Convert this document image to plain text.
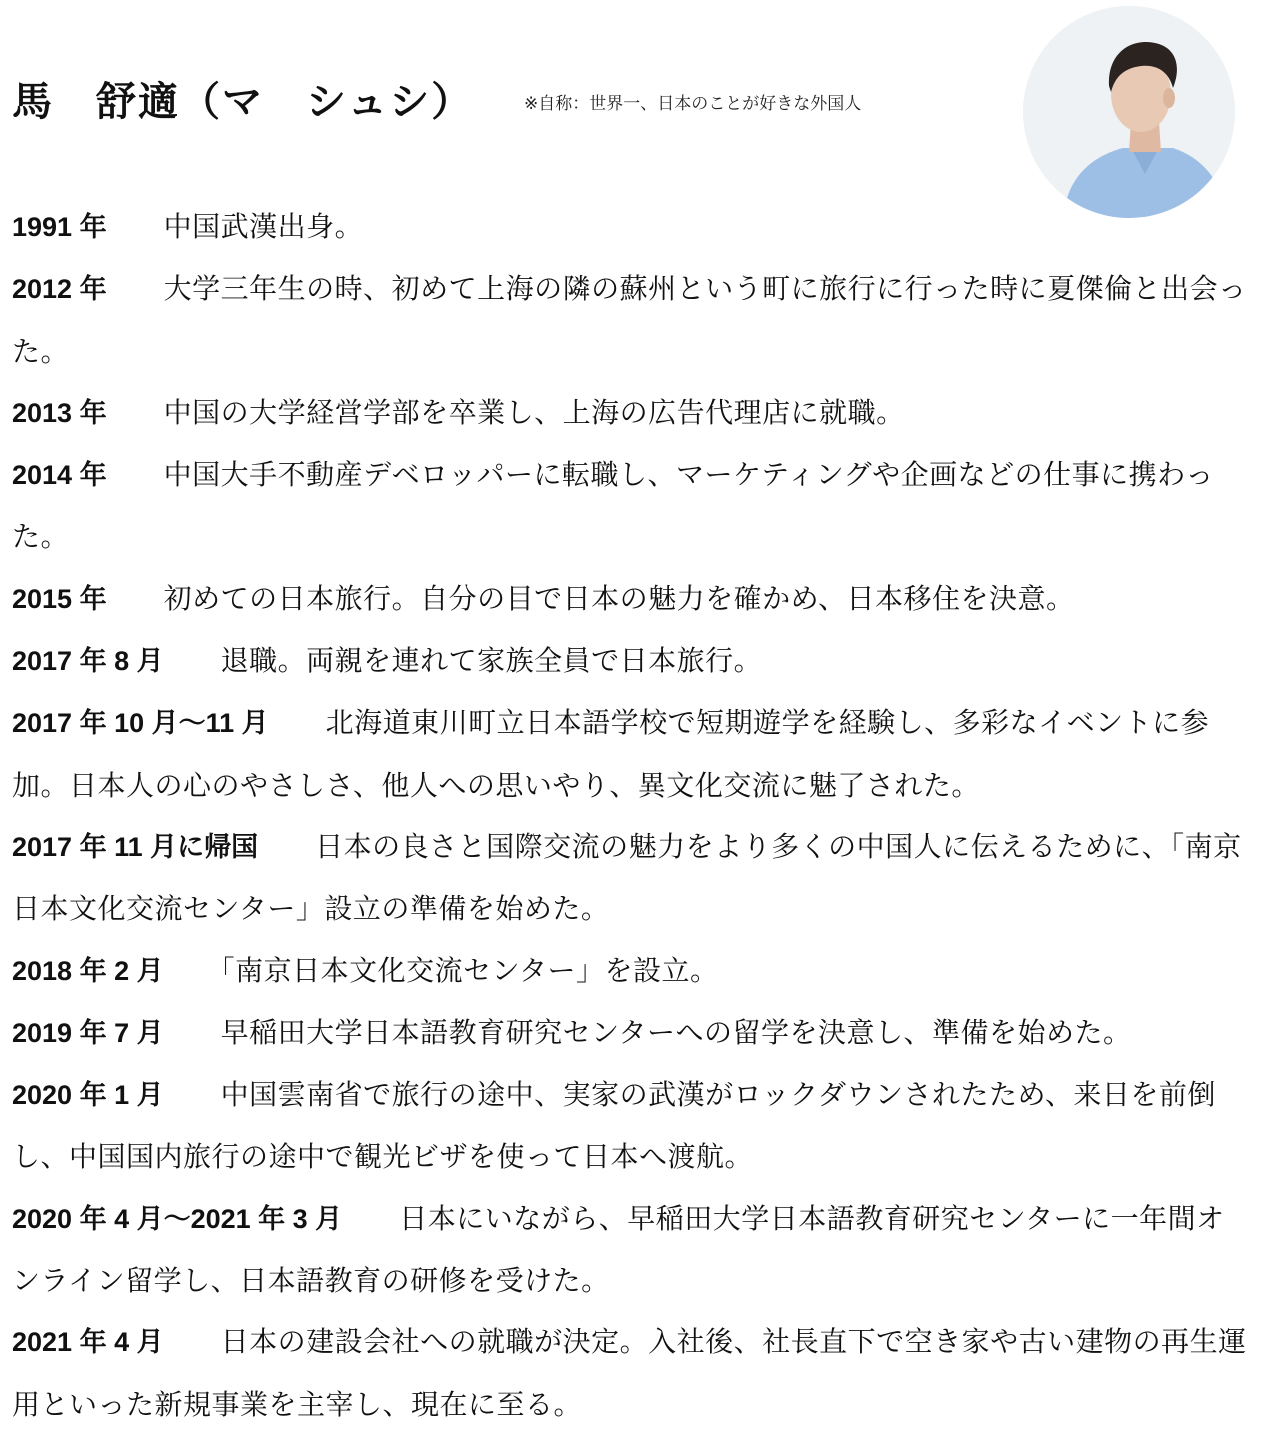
馬　舒適（マ　シュシ）	※自称：世界一、日本のことが好きな外国人
1991 年　　 中国武漢出身。
2012 年　　 大学三年生の時、初めて上海の隣の蘇州という町に旅行に行った時に夏傑倫と出会った。
2013 年　　 中国の大学経営学部を卒業し、上海の広告代理店に就職。
2014 年　　 中国大手不動産デベロッパーに転職し、マーケティングや企画などの仕事に携わった。
2015 年　　 初めての日本旅行。自分の目で日本の魅力を確かめ、日本移住を決意。
2017 年 8 月　　 退職。両親を連れて家族全員で日本旅行。
2017 年 10 月～11 月　　 北海道東川町立日本語学校で短期遊学を経験し、多彩なイベントに参加。日本人の心のやさしさ、他人への思いやり、異文化交流に魅了された。
2017 年 11 月に帰国　　 日本の良さと国際交流の魅力をより多くの中国人に伝えるために、「南京日本文化交流センター」設立の準備を始めた。
2018 年 2 月　　 「南京日本文化交流センター」を設立。
2019 年 7 月　　 早稲田大学日本語教育研究センターへの留学を決意し、準備を始めた。
2020 年 1 月　　 中国雲南省で旅行の途中、実家の武漢がロックダウンされたため、来日を前倒し、中国国内旅行の途中で観光ビザを使って日本へ渡航。
2020 年 4 月～2021 年 3 月　　 日本にいながら、早稲田大学日本語教育研究センターに一年間オンライン留学し、日本語教育の研修を受けた。
2021 年 4 月　　 日本の建設会社への就職が決定。入社後、社長直下で空き家や古い建物の再生運用といった新規事業を主宰し、現在に至る。
